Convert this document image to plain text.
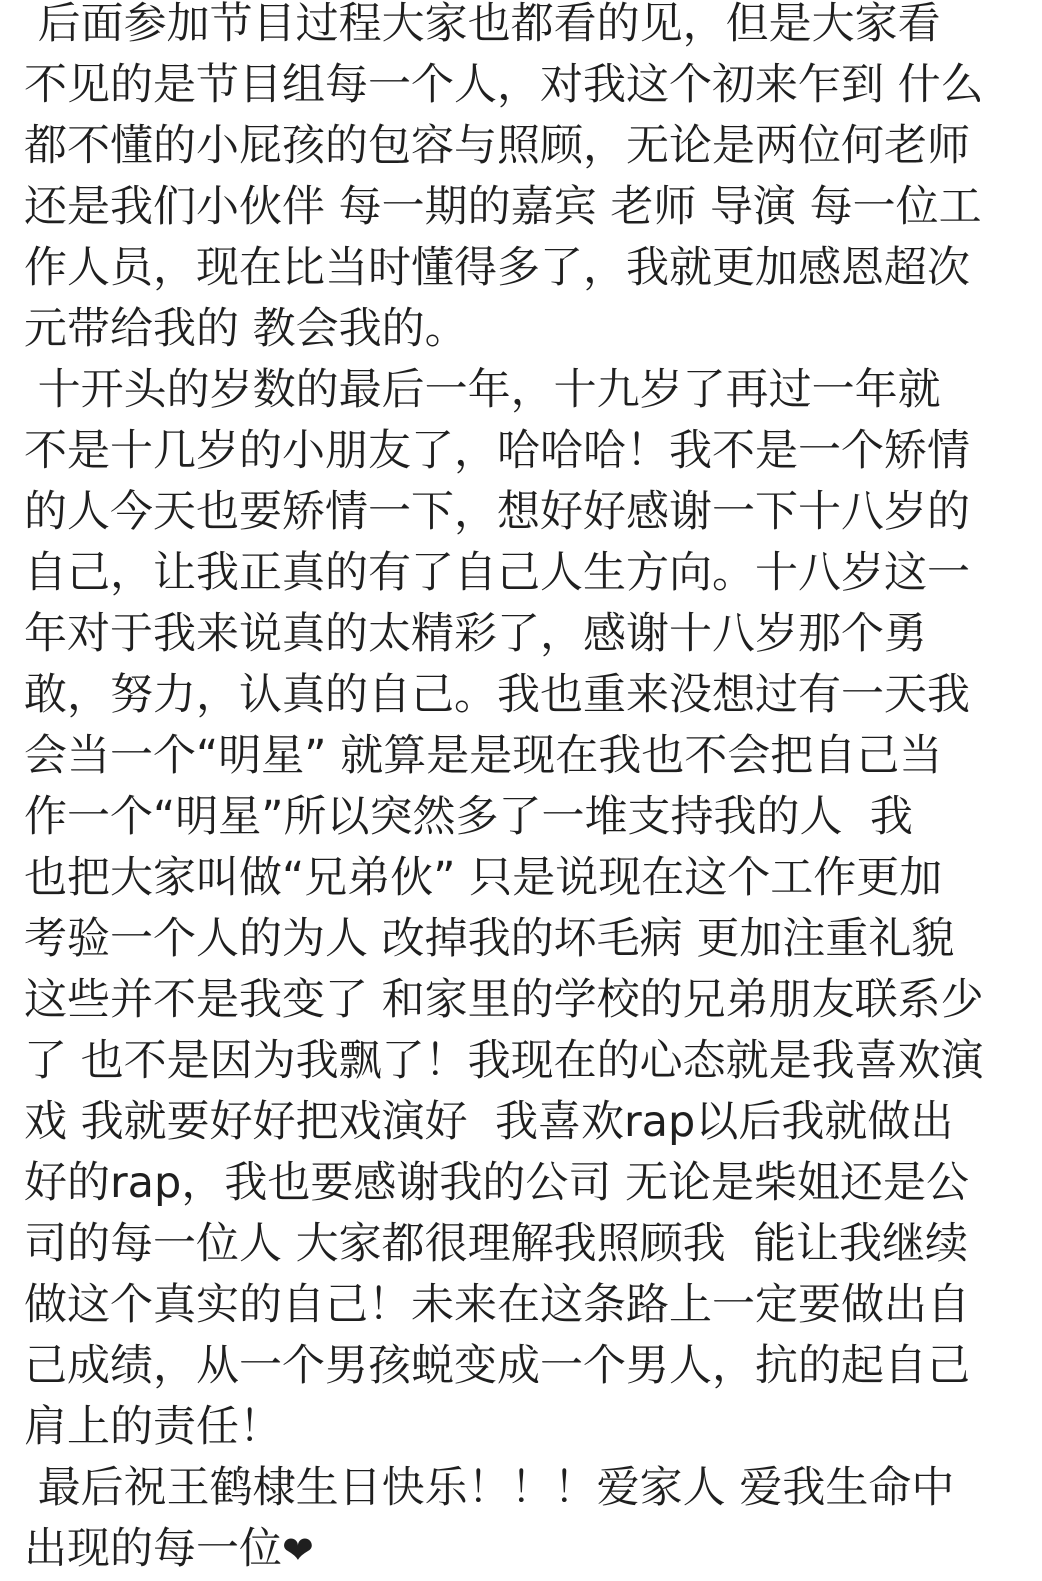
后面参加节目过程大家也都看的见，但是大家看
不见的是节目组每一个人，对我这个初来乍到 什么
都不懂的小屁孩的包容与照顾，无论是两位何老师
还是我们小伙伴 每一期的嘉宾 老师 导演 每一位工
作人员，现在比当时懂得多了，我就更加感恩超次
元带给我的 教会我的。
十开头的岁数的最后一年，十九岁了再过一年就
不是十几岁的小朋友了，哈哈哈！我不是一个矫情
的人今天也要矫情一下，想好好感谢一下十八岁的
自己，让我正真的有了自己人生方向。十八岁这一
年对于我来说真的太精彩了，感谢十八岁那个勇
敢，努力，认真的自己。我也重来没想过有一天我
会当一个“明星” 就算是是现在我也不会把自己当
作一个“明星”所以突然多了一堆支持我的人  我
也把大家叫做“兄弟伙” 只是说现在这个工作更加
考验一个人的为人 改掉我的坏毛病 更加注重礼貌
这些并不是我变了 和家里的学校的兄弟朋友联系少
了 也不是因为我飘了！我现在的心态就是我喜欢演
戏 我就要好好把戏演好  我喜欢rap以后我就做出
好的rap，我也要感谢我的公司 无论是柴姐还是公
司的每一位人 大家都很理解我照顾我  能让我继续
做这个真实的自己！未来在这条路上一定要做出自
己成绩，从一个男孩蜕变成一个男人，抗的起自己
肩上的责任！
最后祝王鹤棣生日快乐！！！爱家人 爱我生命中
出现的每一位❤
